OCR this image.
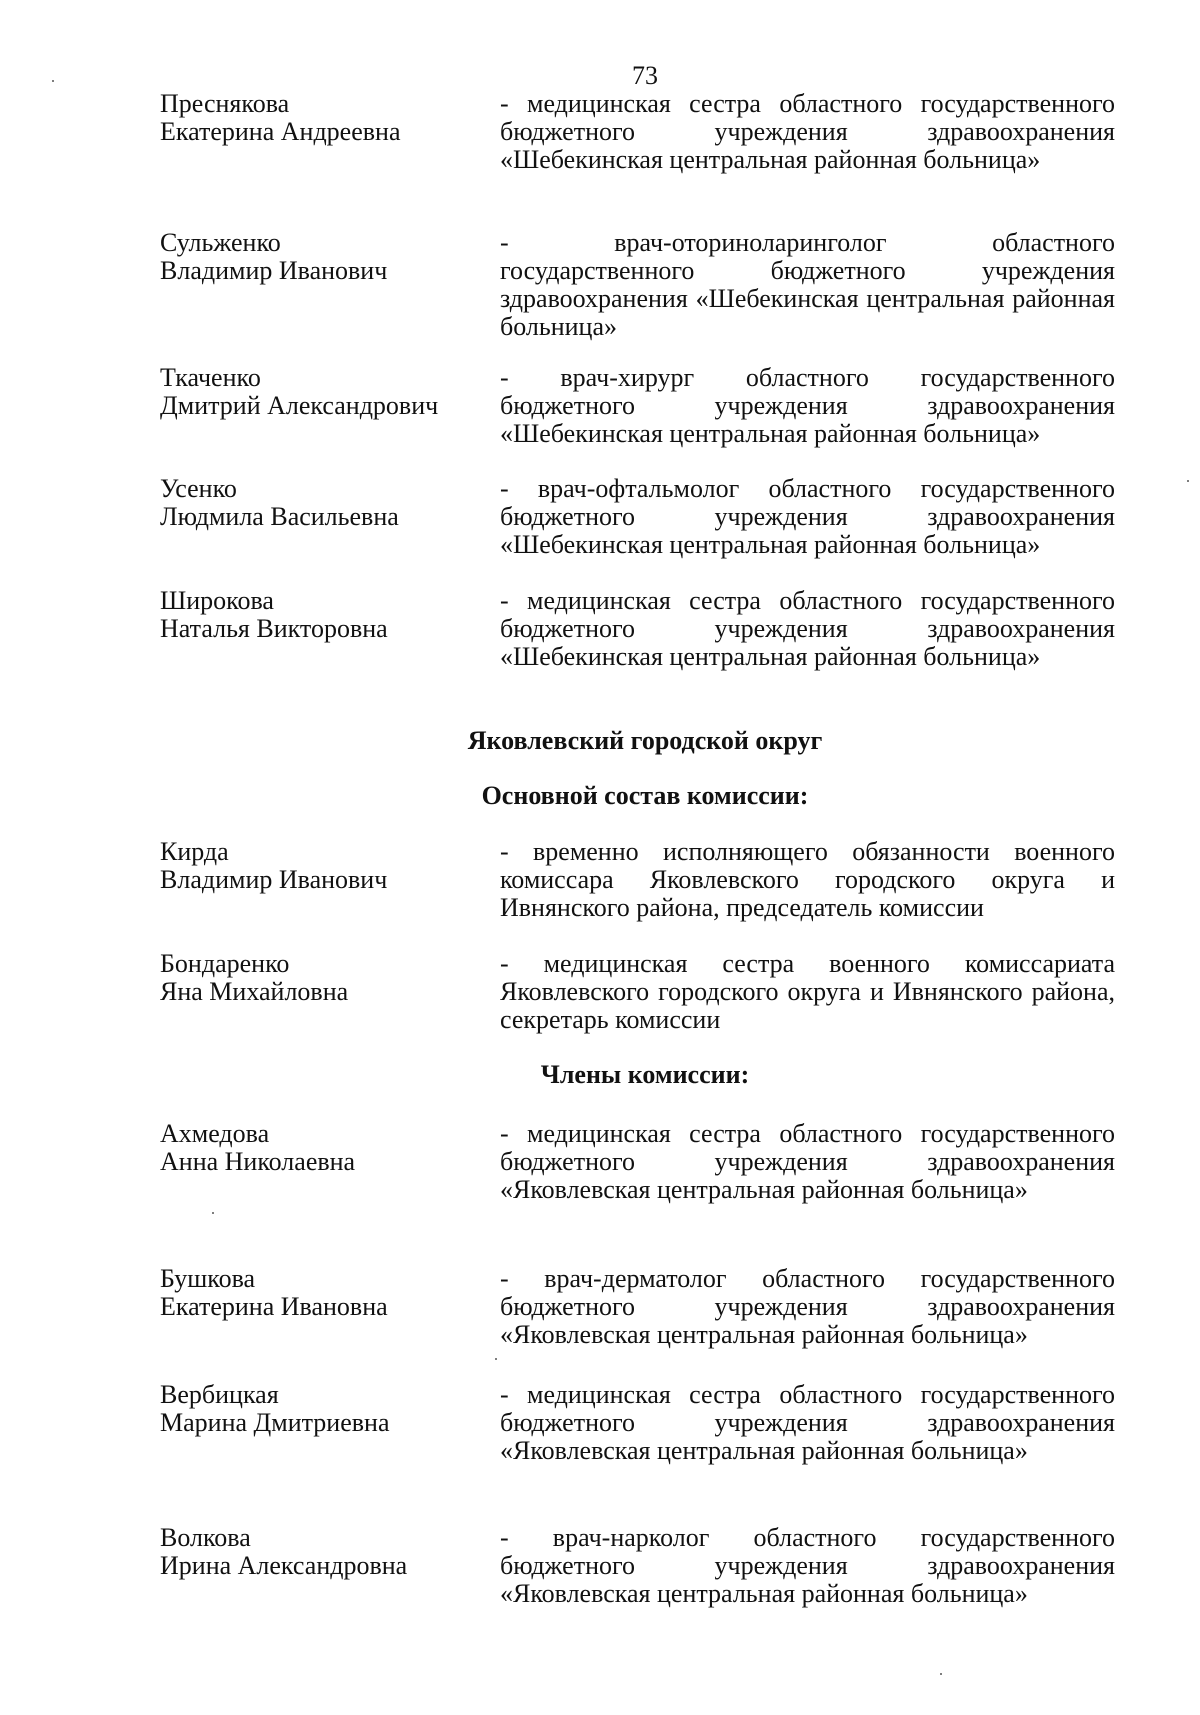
73
Преснякова
Екатерина Андреевна
- медицинская сестра областного государственного бюджетного учреждения здравоохранения «Шебекинская центральная районная больница»
Сульженко
Владимир Иванович
- врач-оториноларинголог областного государственного бюджетного учреждения здравоохранения «Шебекинская центральная районная больница»
Ткаченко
Дмитрий Александрович
- врач-хирург областного государственного бюджетного учреждения здравоохранения «Шебекинская центральная районная больница»
Усенко
Людмила Васильевна
- врач-офтальмолог областного государственного бюджетного учреждения здравоохранения «Шебекинская центральная районная больница»
Широкова
Наталья Викторовна
- медицинская сестра областного государственного бюджетного учреждения здравоохранения «Шебекинская центральная районная больница»
Яковлевский городской округ
Основной состав комиссии:
Кирда
Владимир Иванович
- временно исполняющего обязанности военного комиссара Яковлевского городского округа и Ивнянского района, председатель комиссии
Бондаренко
Яна Михайловна
- медицинская сестра военного комиссариата Яковлевского городского округа и Ивнянского района, секретарь комиссии
Члены комиссии:
Ахмедова
Анна Николаевна
- медицинская сестра областного государственного бюджетного учреждения здравоохранения «Яковлевская центральная районная больница»
Бушкова
Екатерина Ивановна
- врач-дерматолог областного государственного бюджетного учреждения здравоохранения «Яковлевская центральная районная больница»
Вербицкая
Марина Дмитриевна
- медицинская сестра областного государственного бюджетного учреждения здравоохранения «Яковлевская центральная районная больница»
Волкова
Ирина Александровна
- врач-нарколог областного государственного бюджетного учреждения здравоохранения «Яковлевская центральная районная больница»
